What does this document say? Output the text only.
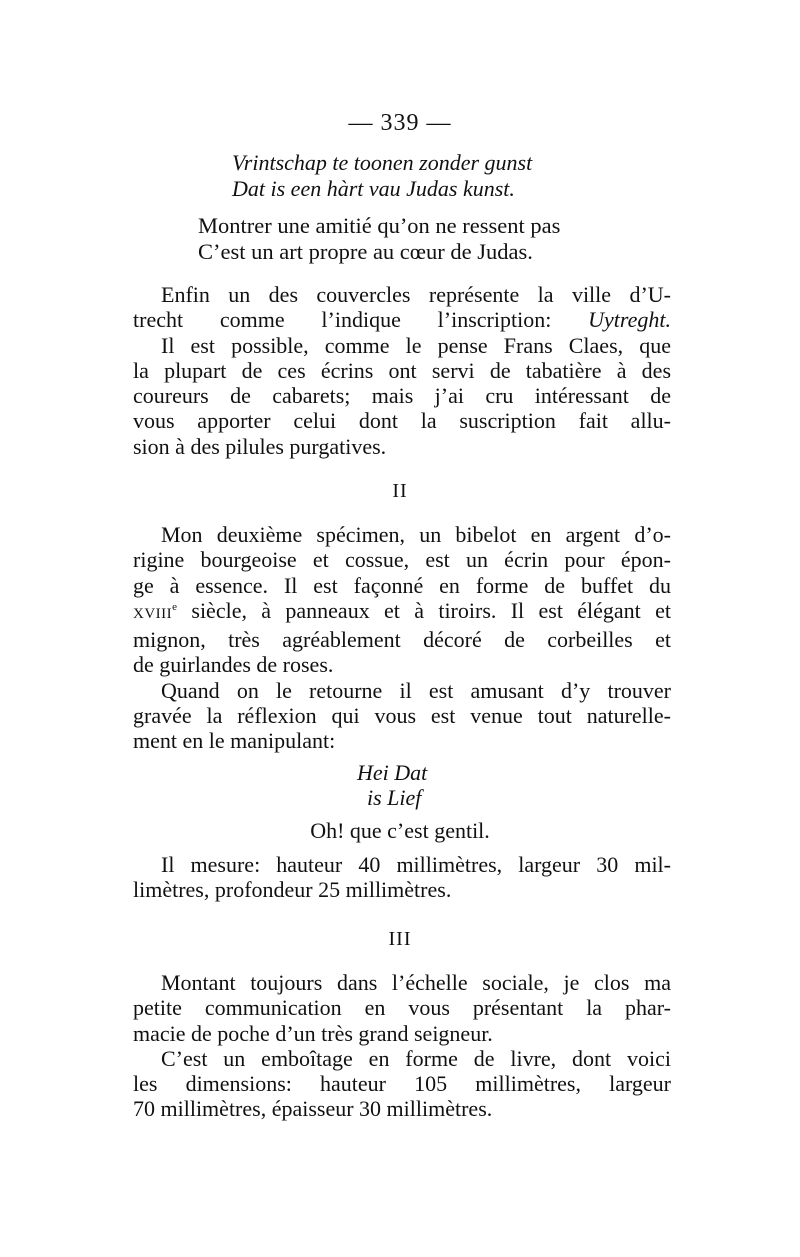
— 339 —
Vrintschap te toonen zonder gunst
Dat is een hàrt vau Judas kunst.
Montrer une amitié qu’on ne ressent pas
C’est un art propre au cœur de Judas.
Enfin un des couvercles représente la ville d’U-
trecht comme l’indique l’inscription: Uytreght.
Il est possible, comme le pense Frans Claes, que
la plupart de ces écrins ont servi de tabatière à des
coureurs de cabarets; mais j’ai cru intéressant de
vous apporter celui dont la suscription fait allu-
sion à des pilules purgatives.
II
Mon deuxième spécimen, un bibelot en argent d’o-
rigine bourgeoise et cossue, est un écrin pour épon-
ge à essence. Il est façonné en forme de buffet du
XVIIIe siècle, à panneaux et à tiroirs. Il est élégant et
mignon, très agréablement décoré de corbeilles et
de guirlandes de roses.
Quand on le retourne il est amusant d’y trouver
gravée la réflexion qui vous est venue tout naturelle-
ment en le manipulant:
Hei Dat
is Lief
Oh! que c’est gentil.
Il mesure: hauteur 40 millimètres, largeur 30 mil-
limètres, profondeur 25 millimètres.
III
Montant toujours dans l’échelle sociale, je clos ma
petite communication en vous présentant la phar-
macie de poche d’un très grand seigneur.
C’est un emboîtage en forme de livre, dont voici
les dimensions: hauteur 105 millimètres, largeur
70 millimètres, épaisseur 30 millimètres.
